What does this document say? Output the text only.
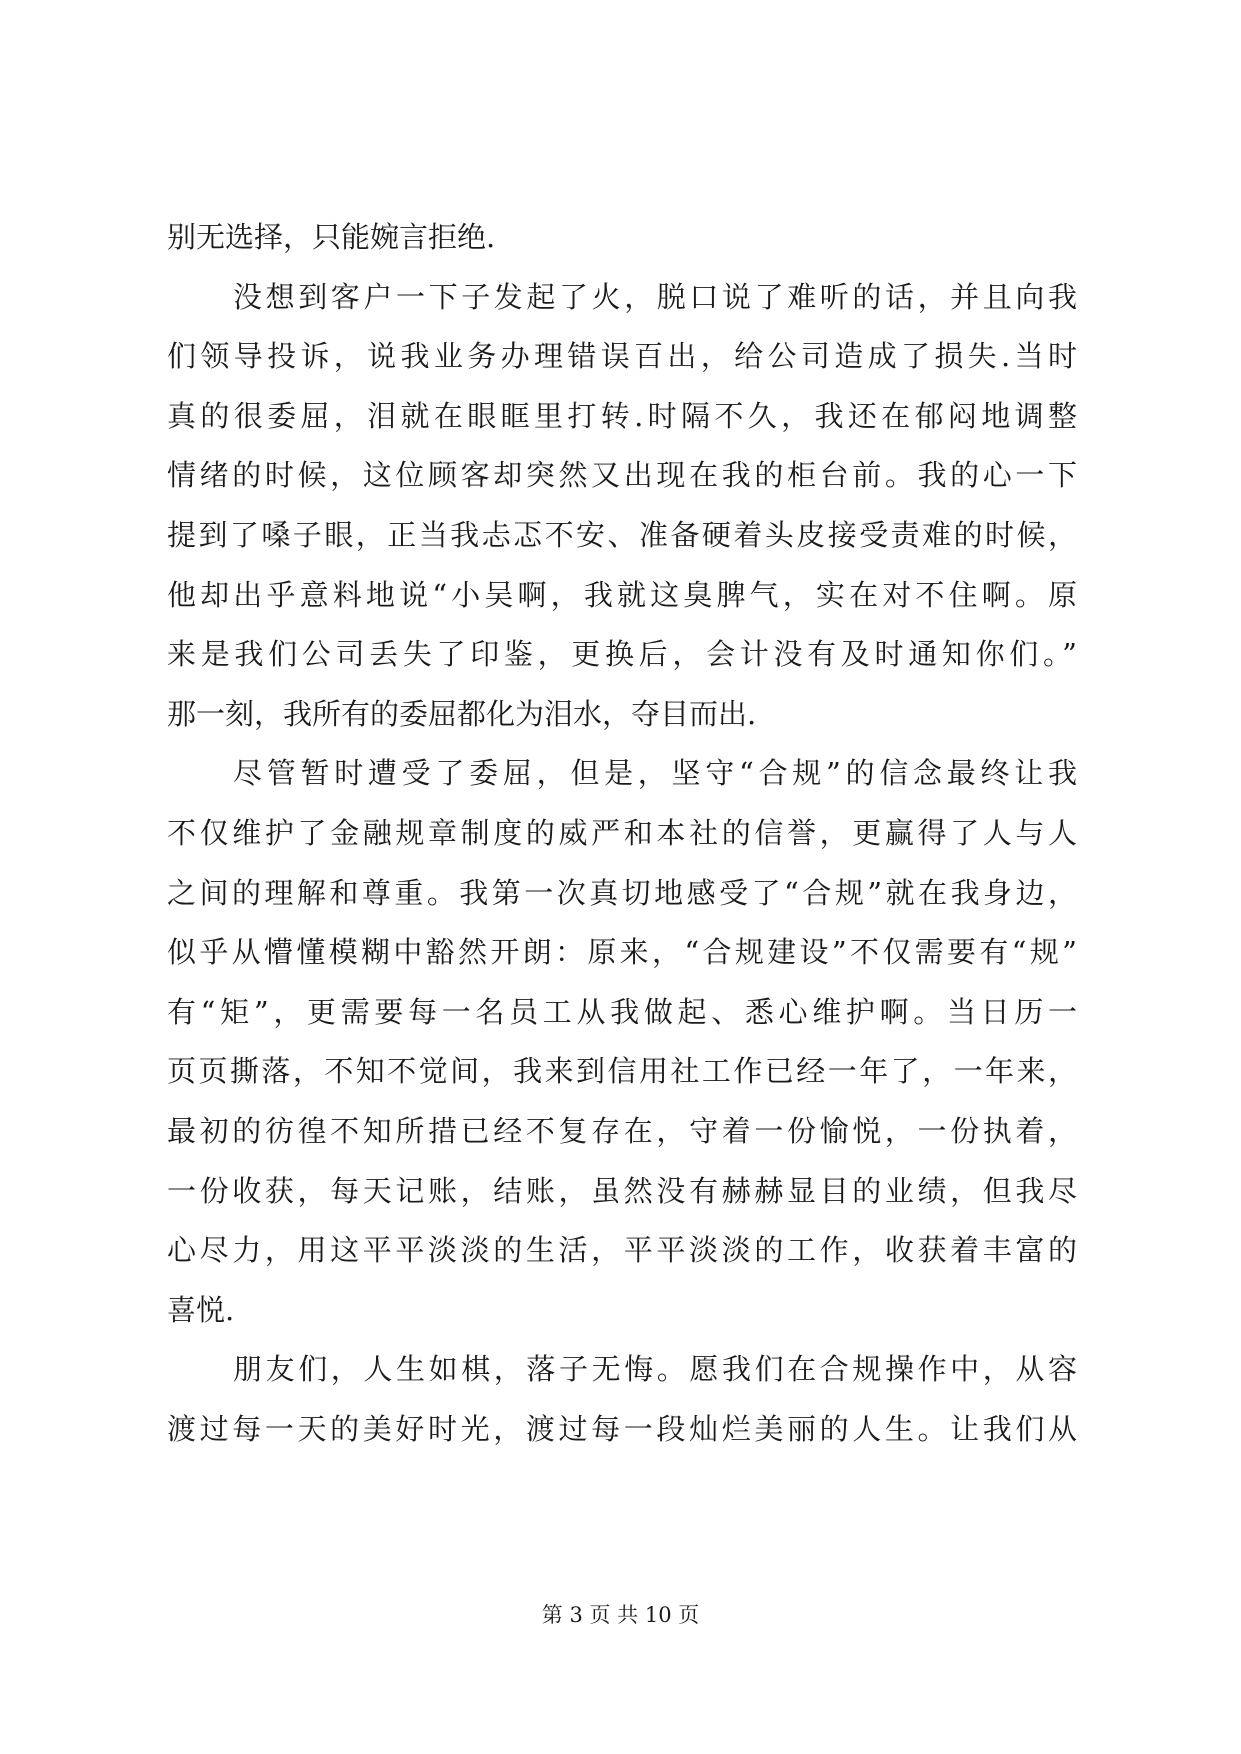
别无选择，只能婉言拒绝.
没想到客户一下子发起了火，脱口说了难听的话，并且向我
们领导投诉，说我业务办理错误百出，给公司造成了损失.当时
真的很委屈，泪就在眼眶里打转.时隔不久，我还在郁闷地调整
情绪的时候，这位顾客却突然又出现在我的柜台前。我的心一下
提到了嗓子眼，正当我忐忑不安、准备硬着头皮接受责难的时候，
他却出乎意料地说“小吴啊，我就这臭脾气，实在对不住啊。原
来是我们公司丢失了印鉴，更换后，会计没有及时通知你们。”
那一刻，我所有的委屈都化为泪水，夺目而出.
尽管暂时遭受了委屈，但是，坚守“合规”的信念最终让我
不仅维护了金融规章制度的威严和本社的信誉，更赢得了人与人
之间的理解和尊重。我第一次真切地感受了“合规”就在我身边，
似乎从懵懂模糊中豁然开朗：原来，“合规建设”不仅需要有“规”
有“矩”，更需要每一名员工从我做起、悉心维护啊。当日历一
页页撕落，不知不觉间，我来到信用社工作已经一年了，一年来，
最初的彷徨不知所措已经不复存在，守着一份愉悦，一份执着，
一份收获，每天记账，结账，虽然没有赫赫显目的业绩，但我尽
心尽力，用这平平淡淡的生活，平平淡淡的工作，收获着丰富的
喜悦.
朋友们，人生如棋，落子无悔。愿我们在合规操作中，从容
渡过每一天的美好时光，渡过每一段灿烂美丽的人生。让我们从
第 3 页 共 10 页
